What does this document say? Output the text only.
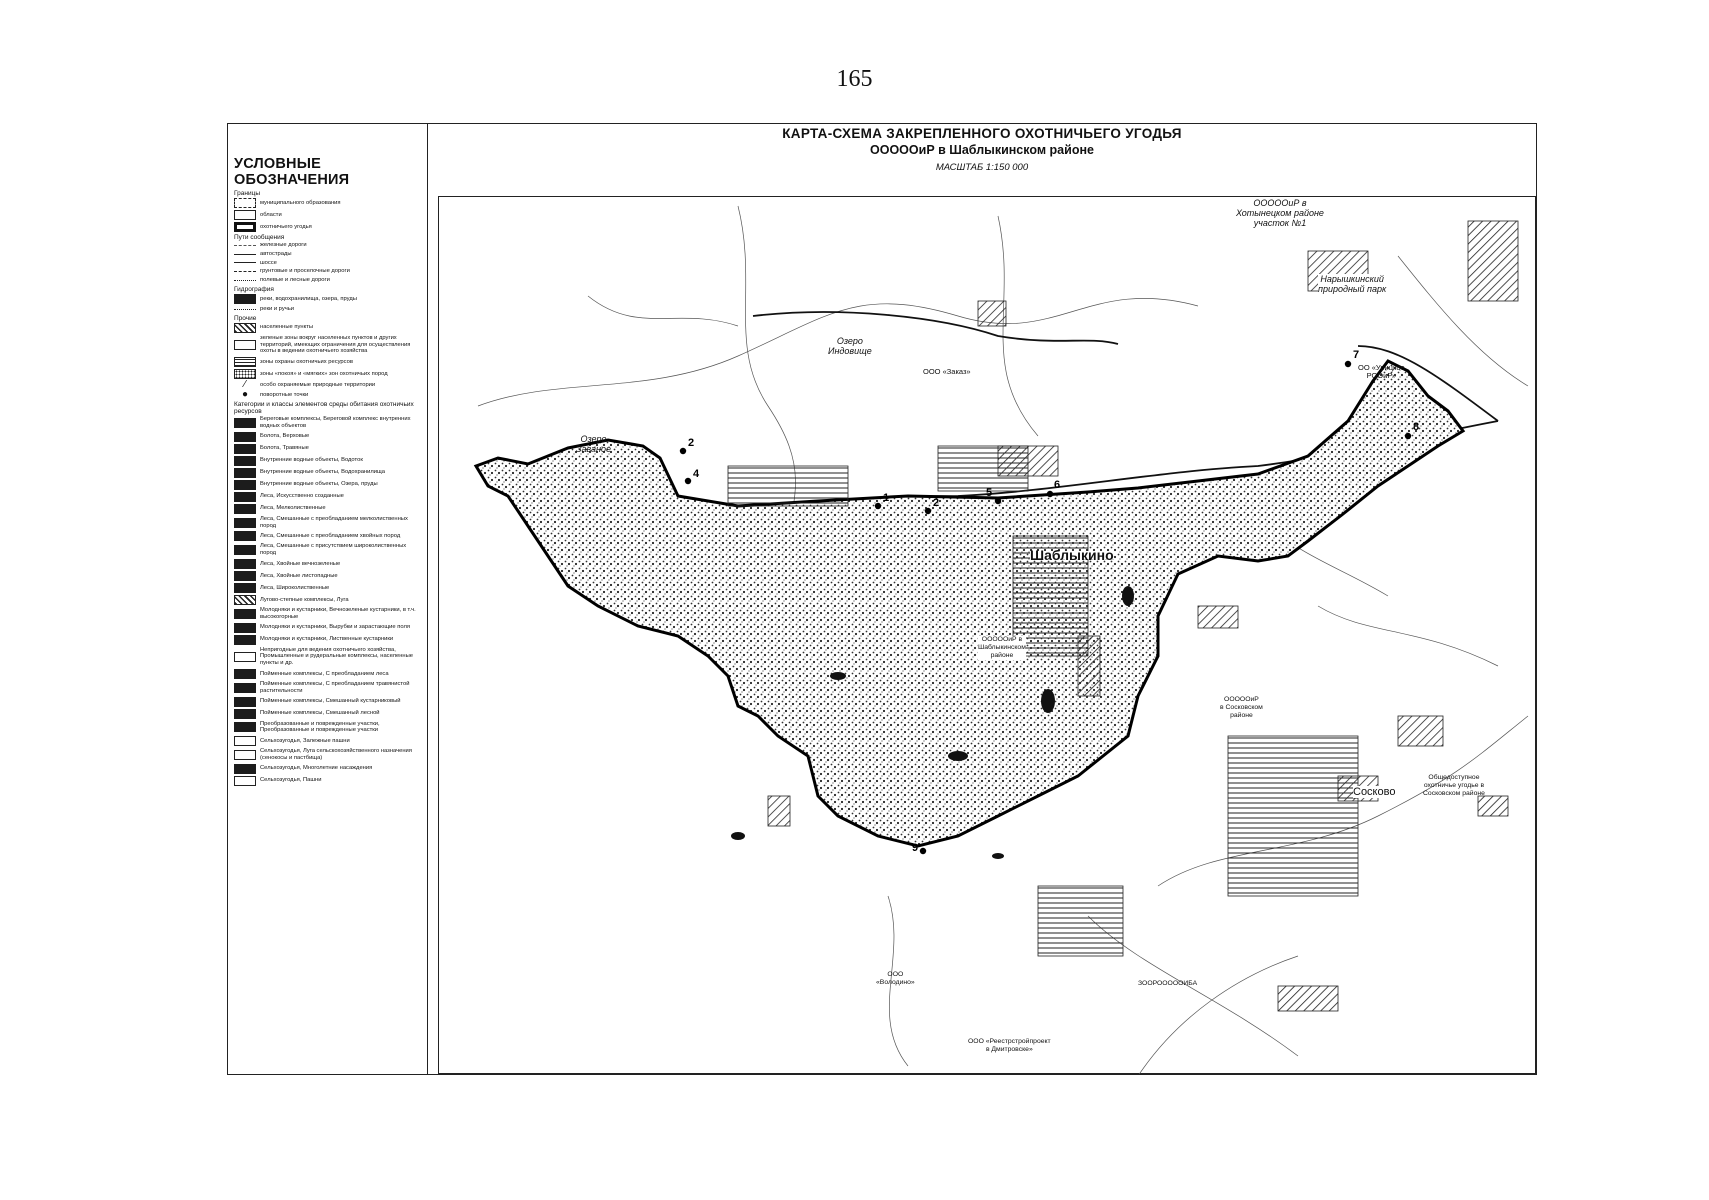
165
УСЛОВНЫЕ ОБОЗНАЧЕНИЯ
Границы
муниципального образования
области
охотничьего угодья
Пути сообщения
железные дороги
автострады
шоссе
грунтовые и проселочные дороги
полевые и лесные дороги
Гидрография
реки, водохранилища, озера, пруды
реки и ручьи
Прочие
населенные пункты
зеленые зоны вокруг населенных пунктов и других территорий, имеющих ограничения для осуществления охоты в ведении охотничьего хозяйства
зоны охраны охотничьих ресурсов
зоны «покоя» и «мягких» зон охотничьих пород
⁄	особо охраняемые природные территории
●	поворотные точки
Категории и классы элементов среды обитания охотничьих ресурсов
Береговые комплексы, Береговой комплекс внутренних водных объектов
Болота, Верховые
Болота, Травяные
Внутренние водные объекты, Водоток
Внутренние водные объекты, Водохранилища
Внутренние водные объекты, Озера, пруды
Леса, Искусственно созданные
Леса, Мелколиственные
Леса, Смешанные с преобладанием мелколиственных пород
Леса, Смешанные с преобладанием хвойных пород
Леса, Смешанные с присутствием широколиственных пород
Леса, Хвойные вечнозеленые
Леса, Хвойные листопадные
Леса, Широколиственные
Лугово-степные комплексы, Луга
Молодняки и кустарники, Вечнозеленые кустарники, в т.ч. высокогорные
Молодняки и кустарники, Вырубки и зарастающие поля
Молодняки и кустарники, Лиственные кустарники
Непригодные для ведения охотничьего хозяйства, Промышленные и рудеральные комплексы, населенные пункты и др.
Пойменные комплексы, С преобладанием леса
Пойменные комплексы, С преобладанием травянистой растительности
Пойменные комплексы, Смешанный кустарниковый
Пойменные комплексы, Смешанный лесной
Преобразованные и поврежденные участки, Преобразованные и поврежденные участки
Сельхозугодья, Залежные пашни
Сельхозугодья, Луга сельскохозяйственного назначения (сенокосы и пастбища)
Сельхозугодья, Многолетние насаждения
Сельхозугодья, Пашни
КАРТА-СХЕМА ЗАКРЕПЛЕННОГО ОХОТНИЧЬЕГО УГОДЬЯ
ОООООиР в Шаблыкинском районе
МАСШТАБ 1:150 000
2
4
1	2
5
6
7
8
9
ОООООиР в
Хотынецком районе
участок №1
Нарышкинский
природный парк
ОО «Урицкое
РООиР»
Озеро
Индовище
ООО «Заказ»
Озеро
Заваное
Шаблыкино
ОООООиР в
Шаблыкинском
районе
ОООООиР
в Сосковском
районе
Сосково
Общедоступное
охотничье угодье в
Сосковском районе
ООО
«Володино»
ООО «Реестрстройпроект
в Дмитровске»
ЗООРОООООИБА
